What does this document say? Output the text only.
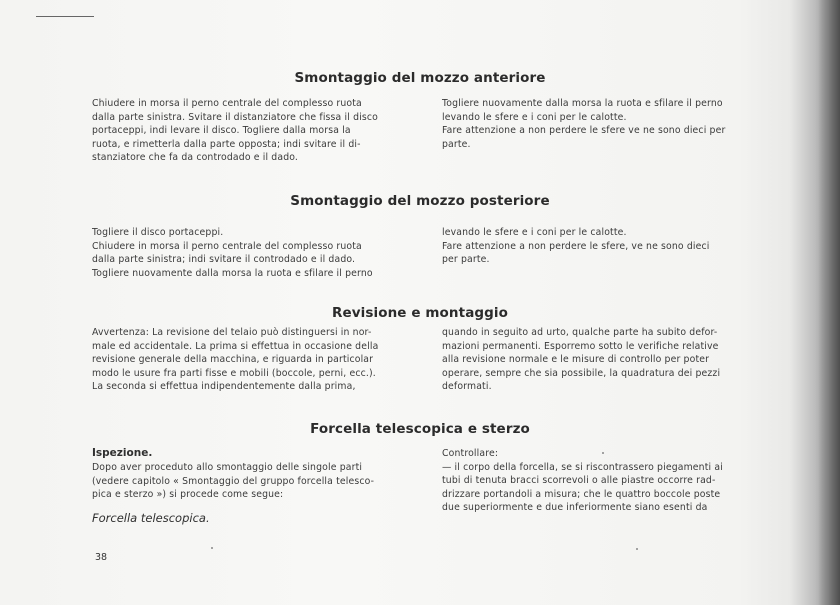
Smontaggio del mozzo anteriore
Chiudere in morsa il perno centrale del complesso ruota
dalla parte sinistra. Svitare il distanziatore che fissa il disco
portaceppi, indi levare il disco. Togliere dalla morsa la
ruota, e rimetterla dalla parte opposta; indi svitare il di-
stanziatore che fa da controdado e il dado.
Togliere nuovamente dalla morsa la ruota e sfilare il perno
levando le sfere e i coni per le calotte.
Fare attenzione a non perdere le sfere ve ne sono dieci per
parte.
Smontaggio del mozzo posteriore
Togliere il disco portaceppi.
Chiudere in morsa il perno centrale del complesso ruota
dalla parte sinistra; indi svitare il controdado e il dado.
Togliere nuovamente dalla morsa la ruota e sfilare il perno
levando le sfere e i coni per le calotte.
Fare attenzione a non perdere le sfere, ve ne sono dieci
per parte.
Revisione e montaggio
Avvertenza: La revisione del telaio può distinguersi in nor-
male ed accidentale. La prima si effettua in occasione della
revisione generale della macchina, e riguarda in particolar
modo le usure fra parti fisse e mobili (boccole, perni, ecc.).
La seconda si effettua indipendentemente dalla prima,
quando in seguito ad urto, qualche parte ha subito defor-
mazioni permanenti. Esporremo sotto le verifiche relative
alla revisione normale e le misure di controllo per poter
operare, sempre che sia possibile, la quadratura dei pezzi
deformati.
Forcella telescopica e sterzo
Ispezione.
Dopo aver proceduto allo smontaggio delle singole parti
(vedere capitolo « Smontaggio del gruppo forcella telesco-
pica e sterzo ») si procede come segue:
Forcella telescopica.
Controllare:
— il corpo della forcella, se si riscontrassero piegamenti ai
tubi di tenuta bracci scorrevoli o alle piastre occorre rad-
drizzare portandoli a misura; che le quattro boccole poste
due superiormente e due inferiormente siano esenti da
38
